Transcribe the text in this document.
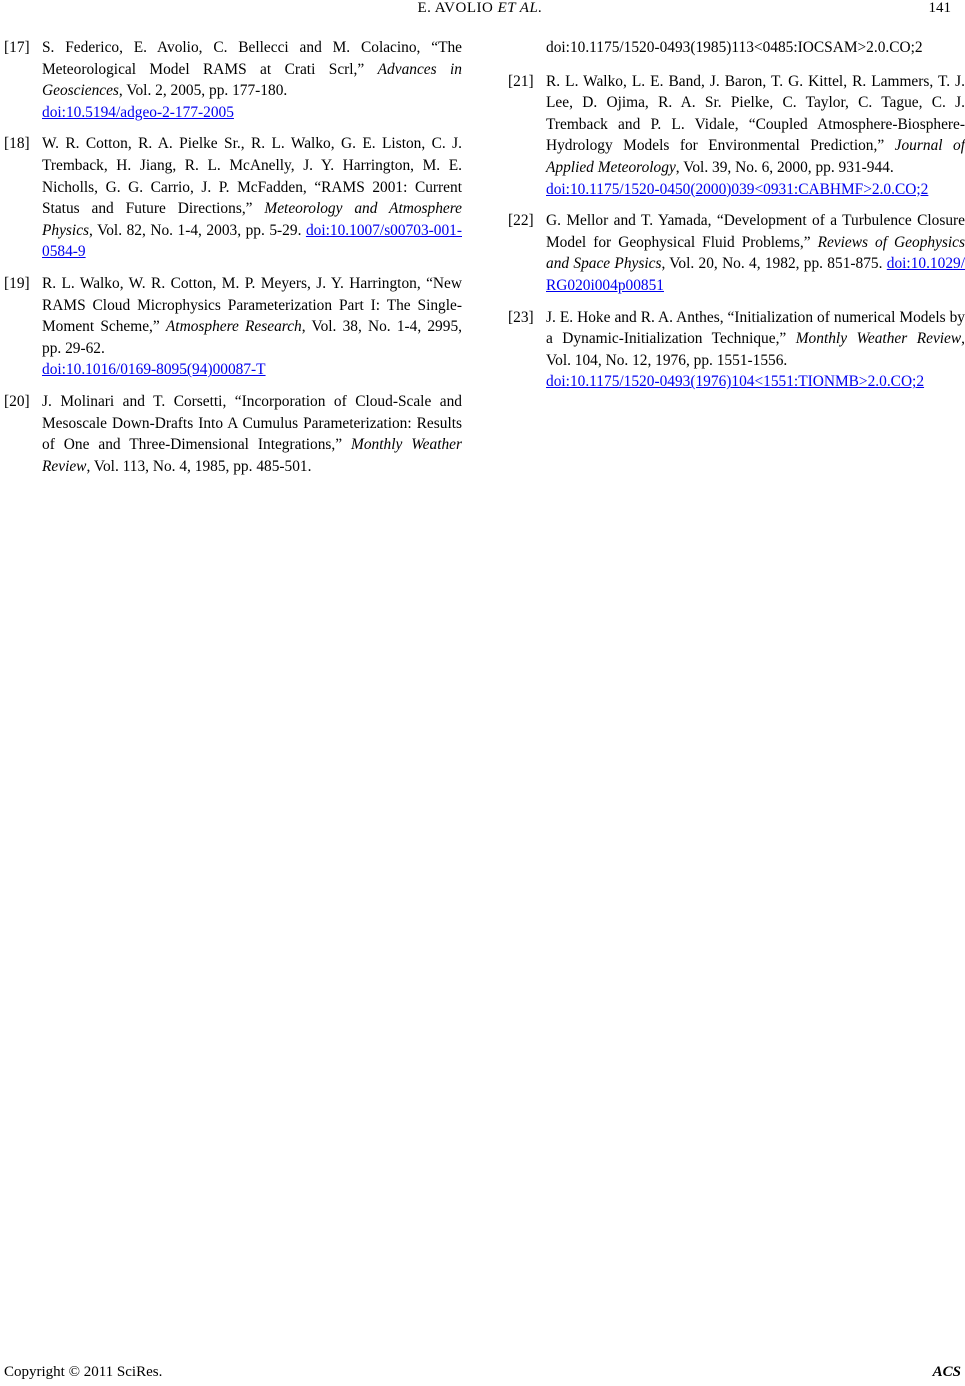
E. AVOLIO ET AL.	141
[17] S. Federico, E. Avolio, C. Bellecci and M. Colacino, “The Meteorological Model RAMS at Crati Scrl,” Advances in Geosciences, Vol. 2, 2005, pp. 177-180.
doi:10.5194/adgeo-2-177-2005
[18] W. R. Cotton, R. A. Pielke Sr., R. L. Walko, G. E. Liston, C. J. Tremback, H. Jiang, R. L. McAnelly, J. Y. Harrington, M. E. Nicholls, G. G. Carrio, J. P. McFadden, “RAMS 2001: Current Status and Future Directions,” Meteorology and Atmosphere Physics, Vol. 82, No. 1-4, 2003, pp. 5-29. doi:10.1007/s00703-001-0584-9
[19] R. L. Walko, W. R. Cotton, M. P. Meyers, J. Y. Harrington, “New RAMS Cloud Microphysics Parameterization Part I: The Single-Moment Scheme,” Atmosphere Research, Vol. 38, No. 1-4, 2995, pp. 29-62.
doi:10.1016/0169-8095(94)00087-T
[20] J. Molinari and T. Corsetti, “Incorporation of Cloud-Scale and Mesoscale Down-Drafts Into A Cumulus Parameterization: Results of One and Three-Dimensional Integrations,” Monthly Weather Review, Vol. 113, No. 4, 1985, pp. 485-501.
doi:10.1175/1520-0493(1985)113<0485:IOCSAM>2.0.CO;2
[21] R. L. Walko, L. E. Band, J. Baron, T. G. Kittel, R. Lammers, T. J. Lee, D. Ojima, R. A. Sr. Pielke, C. Taylor, C. Tague, C. J. Tremback and P. L. Vidale, “Coupled Atmosphere-Biosphere-Hydrology Models for Environmental Prediction,” Journal of Applied Meteorology, Vol. 39, No. 6, 2000, pp. 931-944.
doi:10.1175/1520-0450(2000)039<0931:CABHMF>2.0.CO;2
[22] G. Mellor and T. Yamada, “Development of a Turbulence Closure Model for Geophysical Fluid Problems,” Reviews of Geophysics and Space Physics, Vol. 20, No. 4, 1982, pp. 851-875. doi:10.1029/RG020i004p00851
[23] J. E. Hoke and R. A. Anthes, “Initialization of numerical Models by a Dynamic-Initialization Technique,” Monthly Weather Review, Vol. 104, No. 12, 1976, pp. 1551-1556.
doi:10.1175/1520-0493(1976)104<1551:TIONMB>2.0.CO;2
Copyright © 2011 SciRes.	ACS
